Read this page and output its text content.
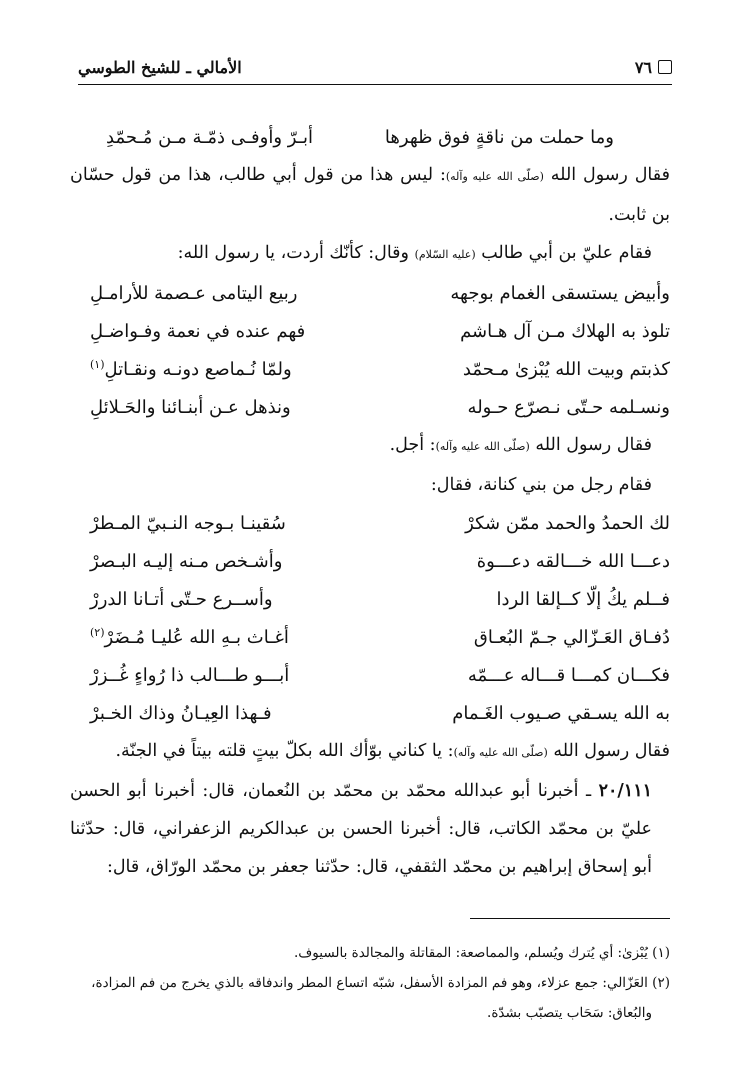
٧٦
الأمالي ـ للشيخ الطوسي
وما حملت من ناقةٍ فوق ظهرها
أبـرّ وأوفـى ذمّـة مـن مُـحمّدِ
فقال رسول الله (صلّى الله عليه وآله): ليس هذا من قول أبي طالب، هذا من قول حسّان بن ثابت.
فقام عليّ بن أبي طالب (عليه السّلام) وقال: كأنّك أردت، يا رسول الله:
وأبيض يستسقى الغمام بوجهه
ربيع اليتامى عـصمة للأرامـلِ
تلوذ به الهلاك مـن آل هـاشم
فهم عنده في نعمة وفـواضـلِ
كذبتم وبيت الله يُبْزىٰ مـحمّد
ولمّا نُـماصع دونـه ونقـاتلِ$^{(١)}$
ونسـلمه حـتّى نـصرّع حـوله
ونذهل عـن أبنـائنا والحَـلائلِ
فقال رسول الله (صلّى الله عليه وآله): أجل.
فقام رجل من بني كنانة، فقال:
لك الحمدُ والحمد ممّن شكرْ
سُقينـا بـوجه النـبيّ المـطرْ
دعـــا الله خـــالقه دعـــوة
وأشـخص مـنه إليـه البـصرْ
فــلم يكُ إلّا كــإلقا الردا
وأســرع حـتّى أتـانا الدررْ
دُفـاق العَـزّالي جـمّ البُعـاق
أغـاث بـهِ الله عُليـا مُـضَرْ$^{(٢)}$
فكـــان كمـــا قـــاله عـــمّه
أبـــو طـــالب ذا رُواءٍ غُــزرْ
به الله يسـقي صـيوب الغَـمام
فـهذا العِيـانُ وذاك الخـبرْ
فقال رسول الله (صلّى الله عليه وآله): يا كناني بوّأك الله بكلّ بيتٍ قلته بيتاً في الجنّة.
٢٠/١١١ ـ أخبرنا أبو عبدالله محمّد بن محمّد بن النُعمان، قال: أخبرنا أبو الحسن عليّ بن محمّد الكاتب، قال: أخبرنا الحسن بن عبدالكريم الزعفراني، قال: حدّثنا أبو إسحاق إبراهيم بن محمّد الثقفي، قال: حدّثنا جعفر بن محمّد الورّاق، قال:

(١) يُبْزىٰ: أي يُترك ويُسلم، والمماصعة: المقاتلة والمجالدة بالسيوف.

(٢) العَزّالي: جمع عزلاء، وهو فم المزادة الأسفل، شبّه اتساع المطر واندفاقه بالذي يخرج من فم المزادة،

والبُعاق: سَحَاب يتصبّب بشدّة.
